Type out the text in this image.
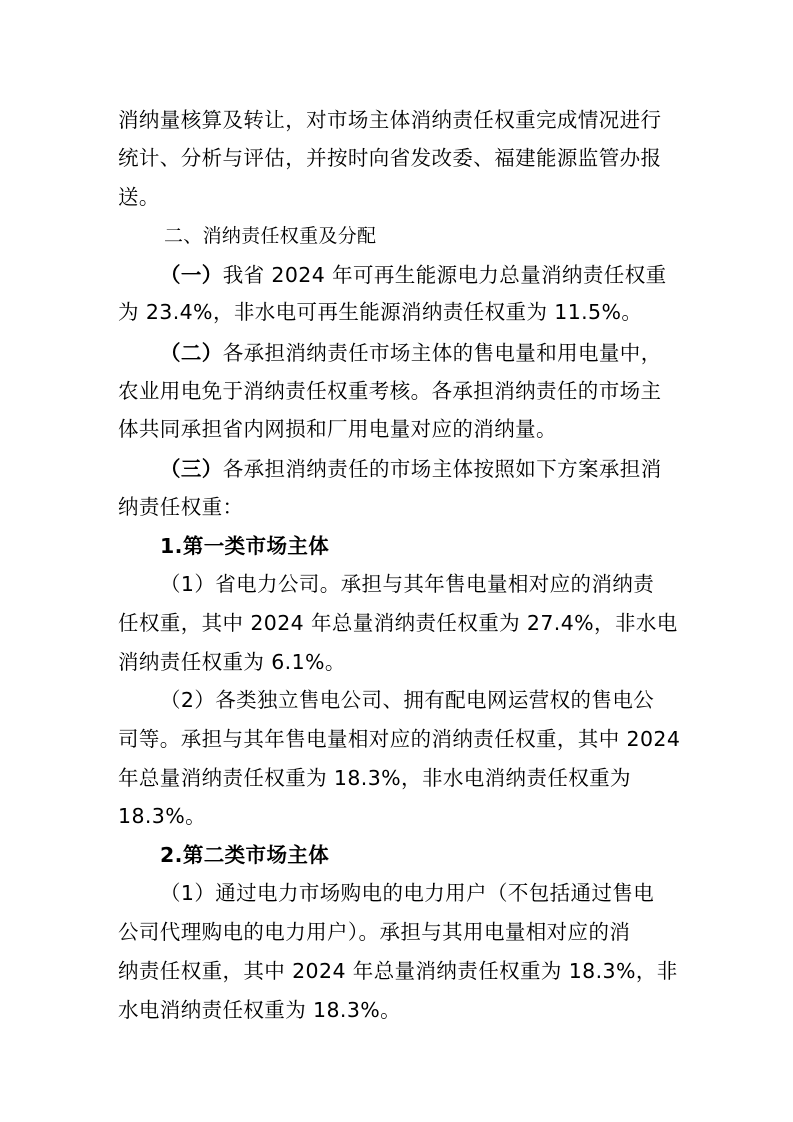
消纳量核算及转让，对市场主体消纳责任权重完成情况进行
统计、分析与评估，并按时向省发改委、福建能源监管办报
送。
二、消纳责任权重及分配
（一）我省 2024 年可再生能源电力总量消纳责任权重
为 23.4%，非水电可再生能源消纳责任权重为 11.5%。
（二）各承担消纳责任市场主体的售电量和用电量中，
农业用电免于消纳责任权重考核。各承担消纳责任的市场主
体共同承担省内网损和厂用电量对应的消纳量。
（三）各承担消纳责任的市场主体按照如下方案承担消
纳责任权重：
1.第一类市场主体
（1）省电力公司。承担与其年售电量相对应的消纳责
任权重，其中 2024 年总量消纳责任权重为 27.4%，非水电
消纳责任权重为 6.1%。
（2）各类独立售电公司、拥有配电网运营权的售电公
司等。承担与其年售电量相对应的消纳责任权重，其中 2024
年总量消纳责任权重为 18.3%，非水电消纳责任权重为
18.3%。
2.第二类市场主体
（1）通过电力市场购电的电力用户（不包括通过售电
公司代理购电的电力用户）。承担与其用电量相对应的消
纳责任权重，其中 2024 年总量消纳责任权重为 18.3%，非
水电消纳责任权重为 18.3%。
